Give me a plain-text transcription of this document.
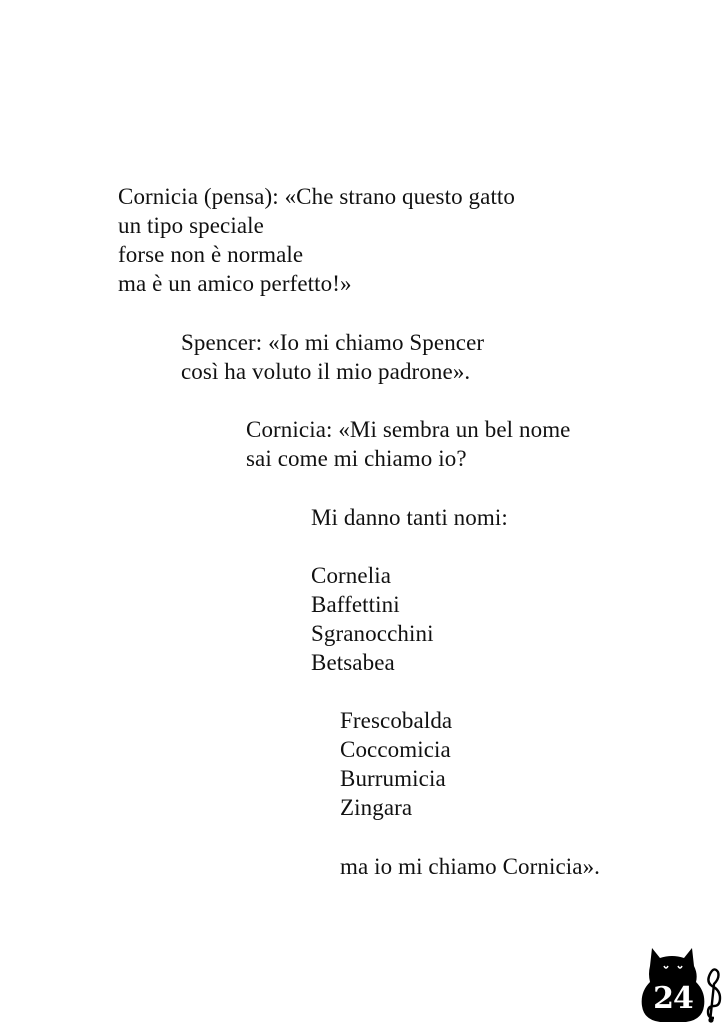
Cornicia (pensa): «Che strano questo gatto
un tipo speciale
forse non è normale
ma è un amico perfetto!»
Spencer: «Io mi chiamo Spencer
così ha voluto il mio padrone».
Cornicia: «Mi sembra un bel nome
sai come mi chiamo io?
Mi danno tanti nomi:
Cornelia
Baffettini
Sgranocchini
Betsabea
Frescobalda
Coccomicia
Burrumicia
Zingara
ma io mi chiamo Cornicia».
24
